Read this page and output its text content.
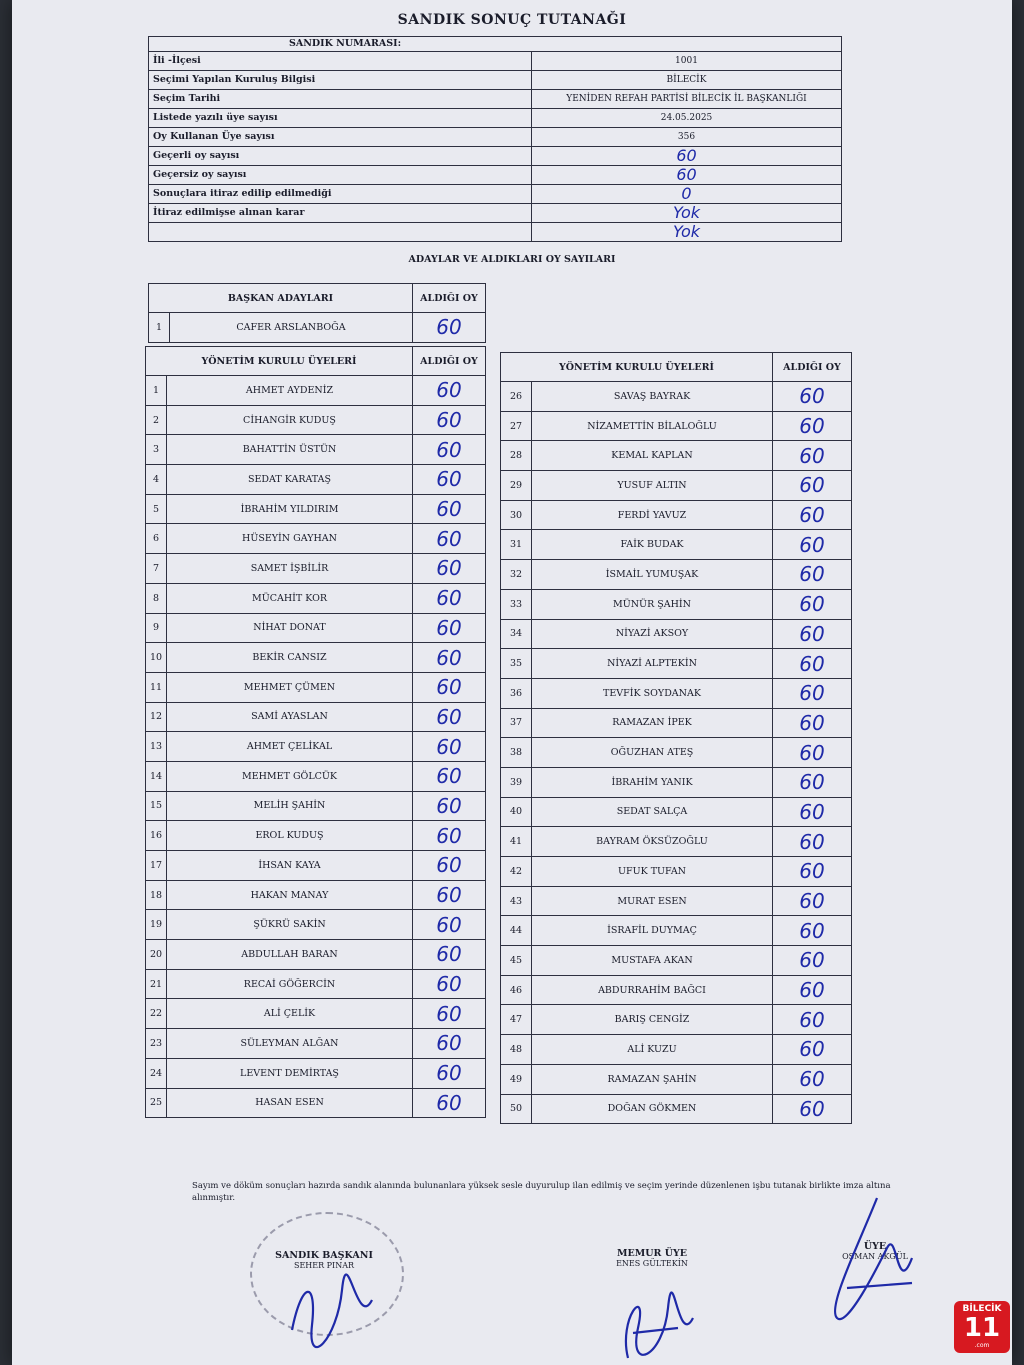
SANDIK SONUÇ TUTANAĞI
SANDIK NUMARASI:
İli -İlçesi	1001
Seçimi Yapılan Kuruluş Bilgisi	BİLECİK
Seçim Tarihi	YENİDEN REFAH PARTİSİ BİLECİK İL BAŞKANLIĞI
Listede yazılı üye sayısı	24.05.2025
Oy Kullanan Üye sayısı	356
Geçerli oy sayısı	60
Geçersiz oy sayısı	60
Sonuçlara itiraz edilip edilmediği	0
İtiraz edilmişse alınan karar	Yok
Yok
ADAYLAR VE ALDIKLARI OY SAYILARI
BAŞKAN ADAYLARI		ALDIĞI OY
1	CAFER ARSLANBOĞA	60
YÖNETİM KURULU ÜYELERİ		ALDIĞI OY
1	AHMET AYDENİZ	60
2	CİHANGİR KUDUŞ	60
3	BAHATTİN ÜSTÜN	60
4	SEDAT KARATAŞ	60
5	İBRAHİM YILDIRIM	60
6	HÜSEYİN GAYHAN	60
7	SAMET İŞBİLİR	60
8	MÜCAHİT KOR	60
9	NİHAT DONAT	60
10	BEKİR CANSIZ	60
11	MEHMET ÇÜMEN	60
12	SAMİ AYASLAN	60
13	AHMET ÇELİKAL	60
14	MEHMET GÖLCÜK	60
15	MELİH ŞAHİN	60
16	EROL KUDUŞ	60
17	İHSAN KAYA	60
18	HAKAN MANAY	60
19	ŞÜKRÜ SAKİN	60
20	ABDULLAH BARAN	60
21	RECAİ GÖĞERCİN	60
22	ALİ ÇELİK	60
23	SÜLEYMAN ALĞAN	60
24	LEVENT DEMİRTAŞ	60
25	HASAN ESEN	60
YÖNETİM KURULU ÜYELERİ		ALDIĞI OY
26	SAVAŞ BAYRAK	60
27	NİZAMETTİN BİLALOĞLU	60
28	KEMAL KAPLAN	60
29	YUSUF ALTIN	60
30	FERDİ YAVUZ	60
31	FAİK BUDAK	60
32	İSMAİL YUMUŞAK	60
33	MÜNÜR ŞAHİN	60
34	NİYAZİ AKSOY	60
35	NİYAZİ ALPTEKİN	60
36	TEVFİK SOYDANAK	60
37	RAMAZAN İPEK	60
38	OĞUZHAN ATEŞ	60
39	İBRAHİM YANIK	60
40	SEDAT SALÇA	60
41	BAYRAM ÖKSÜZOĞLU	60
42	UFUK TUFAN	60
43	MURAT ESEN	60
44	İSRAFİL DUYMAÇ	60
45	MUSTAFA AKAN	60
46	ABDURRAHİM BAĞCI	60
47	BARIŞ CENGİZ	60
48	ALİ KUZU	60
49	RAMAZAN ŞAHİN	60
50	DOĞAN GÖKMEN	60
Sayım ve döküm sonuçları hazırda sandık alanında bulunanlara yüksek sesle duyurulup ilan edilmiş ve seçim yerinde düzenlenen işbu tutanak birlikte imza altına alınmıştır.
SANDIK BAŞKANI
SEHER PINAR
MEMUR ÜYE
ENES GÜLTEKİN
ÜYE
OSMAN AKGÜL
BİLECİK
11
.com
